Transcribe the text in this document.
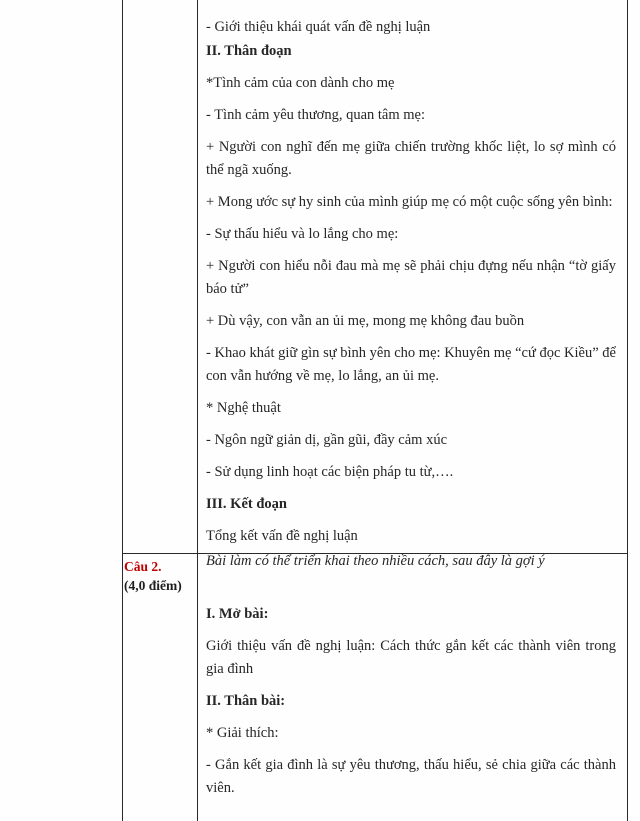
- Giới thiệu khái quát vấn đề nghị luận

II. Thân đoạn

*Tình cảm của con dành cho mẹ

- Tình cảm yêu thương, quan tâm mẹ:

+ Người con nghĩ đến mẹ giữa chiến trường khốc liệt, lo sợ mình có thể ngã xuống.

+ Mong ước sự hy sinh của mình giúp mẹ có một cuộc sống yên bình:

- Sự thấu hiểu và lo lắng cho mẹ:

+ Người con hiểu nỗi đau mà mẹ sẽ phải chịu đựng nếu nhận “tờ giấy báo tử”

+ Dù vậy, con vẫn an ủi mẹ, mong mẹ không đau buồn

- Khao khát giữ gìn sự bình yên cho mẹ: Khuyên mẹ “cứ đọc Kiều” để con vẫn hướng về mẹ, lo lắng, an ủi mẹ.

* Nghệ thuật

- Ngôn ngữ giản dị, gần gũi, đầy cảm xúc

- Sử dụng linh hoạt các biện pháp tu từ,….

III. Kết đoạn

Tổng kết vấn đề nghị luận

Câu 2.
(4,0 điểm)

Bài làm có thể triển khai theo nhiều cách, sau đây là gợi ý

I. Mở bài:

Giới thiệu vấn đề nghị luận: Cách thức gắn kết các thành viên trong gia đình

II. Thân bài:

* Giải thích:

- Gắn kết gia đình là sự yêu thương, thấu hiểu, sẻ chia giữa các thành viên.
